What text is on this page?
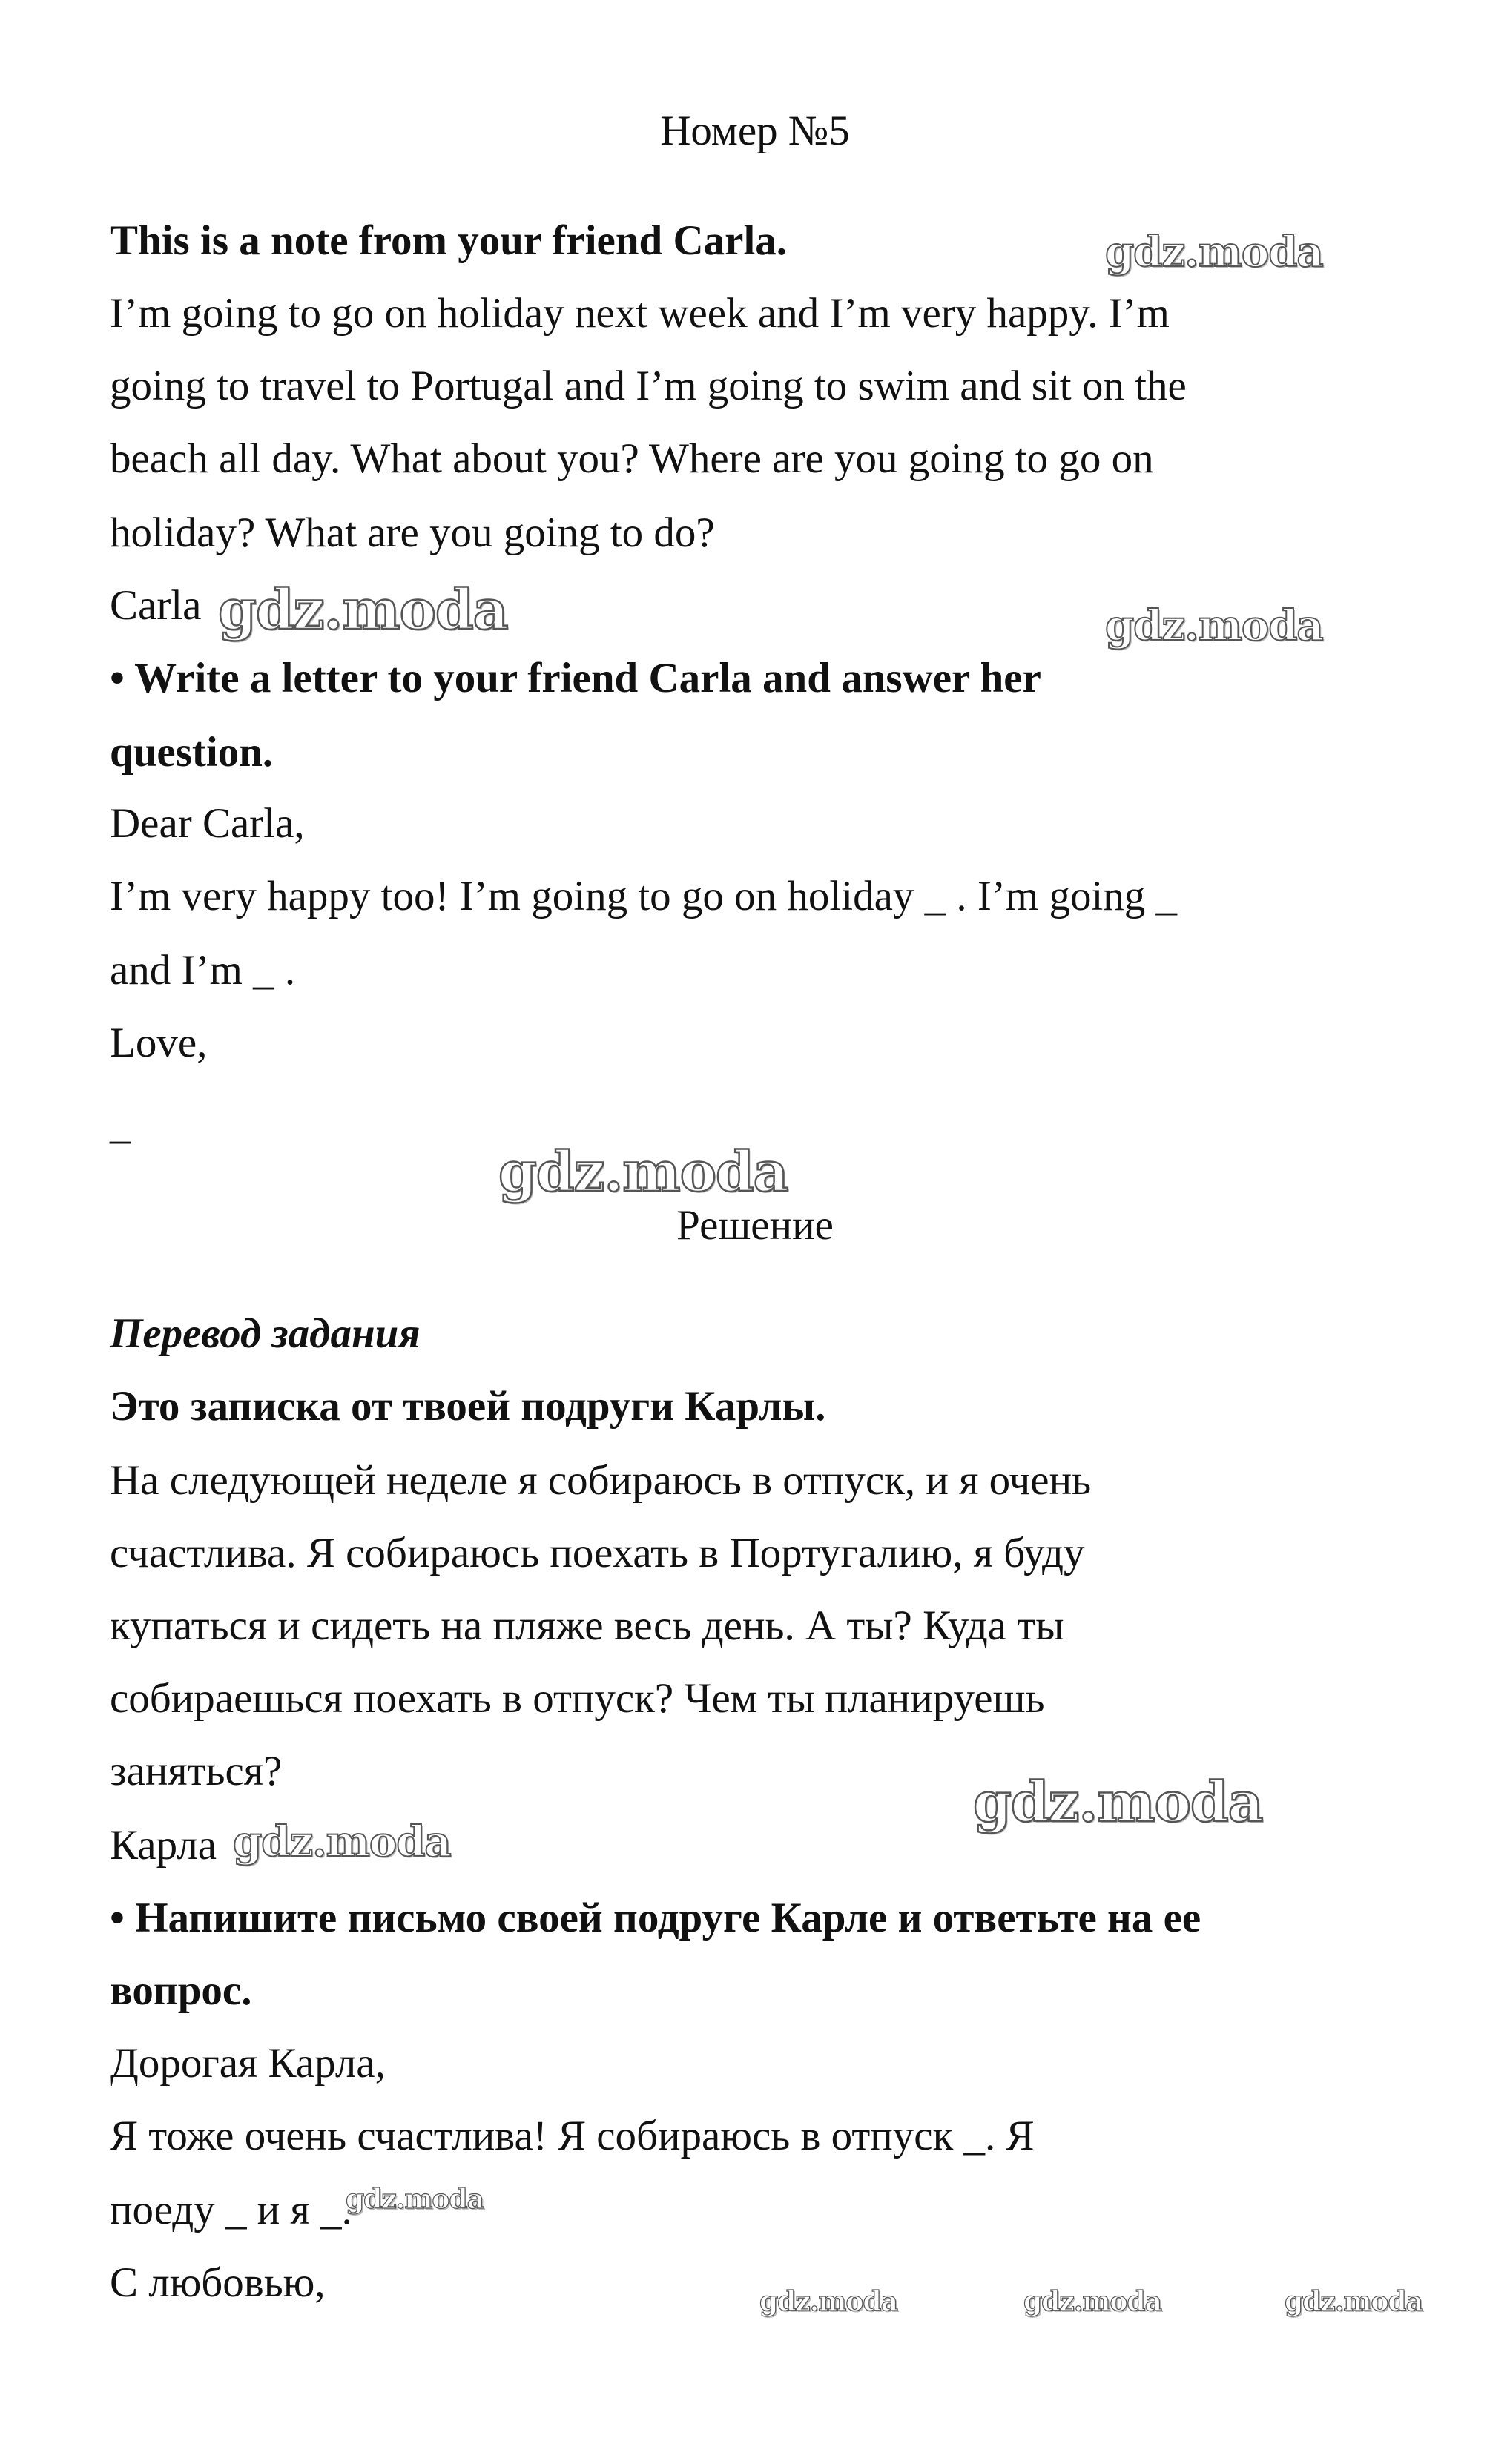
Номер №5
This is a note from your friend Carla.
I’m going to go on holiday next week and I’m very happy. I’m
going to travel to Portugal and I’m going to swim and sit on the
beach all day. What about you? Where are you going to go on
holiday? What are you going to do?
Carla
• Write a letter to your friend Carla and answer her
question.
Dear Carla,
I’m very happy too! I’m going to go on holiday _ . I’m going _
and I’m _ .
Love,
_
Решение
Перевод задания
Это записка от твоей подруги Карлы.
На следующей неделе я собираюсь в отпуск, и я очень
счастлива. Я собираюсь поехать в Португалию, я буду
купаться и сидеть на пляже весь день. А ты? Куда ты
собираешься поехать в отпуск? Чем ты планируешь
заняться?
Карла
• Напишите письмо своей подруге Карле и ответьте на ее
вопрос.
Дорогая Карла,
Я тоже очень счастлива! Я собираюсь в отпуск _. Я
поеду _ и я _.
С любовью,
gdz.moda
gdz.moda	gdz.moda
gdz.moda
gdz.moda
gdz.moda
gdz.moda
gdz.moda	gdz.moda	gdz.moda
